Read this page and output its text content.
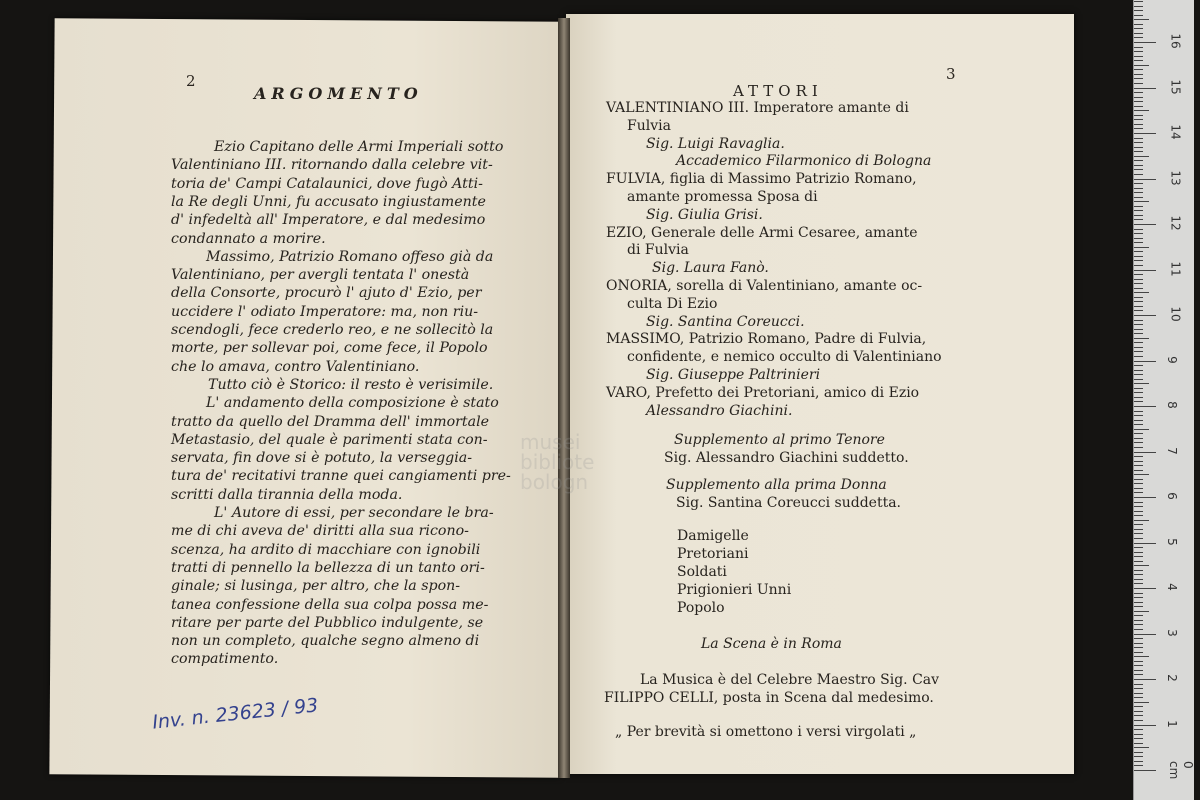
musei
bibliote
bologn
2
ARGOMENTO
Ezio Capitano delle Armi Imperiali sotto
Valentiniano III. ritornando dalla celebre vit-
toria de' Campi Catalaunici, dove fugò Atti-
la Re degli Unni, fu accusato ingiustamente
d' infedeltà all' Imperatore, e dal medesimo
condannato a morire.
Massimo, Patrizio Romano offeso già da
Valentiniano, per avergli tentata l' onestà
della Consorte, procurò l' ajuto d' Ezio, per
uccidere l' odiato Imperatore: ma, non riu-
scendogli, fece crederlo reo, e ne sollecitò la
morte, per sollevar poi, come fece, il Popolo
che lo amava, contro Valentiniano.
Tutto ciò è Storico: il resto è verisimile.
L' andamento della composizione è stato
tratto da quello del Dramma dell' immortale
Metastasio, del quale è parimenti stata con-
servata, fin dove si è potuto, la verseggia-
tura de' recitativi tranne quei cangiamenti pre-
scritti dalla tirannia della moda.
L' Autore di essi, per secondare le bra-
me di chi aveva de' diritti alla sua ricono-
scenza, ha ardito di macchiare con ignobili
tratti di pennello la bellezza di un tanto ori-
ginale; si lusinga, per altro, che la spon-
tanea confessione della sua colpa possa me-
ritare per parte del Pubblico indulgente, se
non un completo, qualche segno almeno di
compatimento.
Inv. n. 23623 / 93
3
ATTORI
VALENTINIANO III. Imperatore amante di
Fulvia
Sig. Luigi Ravaglia.
Accademico Filarmonico di Bologna
FULVIA, figlia di Massimo Patrizio Romano,
amante promessa Sposa di
Sig. Giulia Grisi.
EZIO, Generale delle Armi Cesaree, amante
di Fulvia
Sig. Laura Fanò.
ONORIA, sorella di Valentiniano, amante oc-
culta Di Ezio
Sig. Santina Coreucci.
MASSIMO, Patrizio Romano, Padre di Fulvia,
confidente, e nemico occulto di Valentiniano
Sig. Giuseppe Paltrinieri
VARO, Prefetto dei Pretoriani, amico di Ezio
Alessandro Giachini.
Supplemento al primo Tenore
Sig. Alessandro Giachini suddetto.
Supplemento alla prima Donna
Sig. Santina Coreucci suddetta.
Damigelle
Pretoriani
Soldati
Prigionieri Unni
Popolo
La Scena è in Roma
La Musica è del Celebre Maestro Sig. Cav
FILIPPO CELLI, posta in Scena dal medesimo.
„ Per brevità si omettono i versi virgolati „
16
15
14
13
12
11
10
9
8
7
6
5
4
3
2
1
0 cm
